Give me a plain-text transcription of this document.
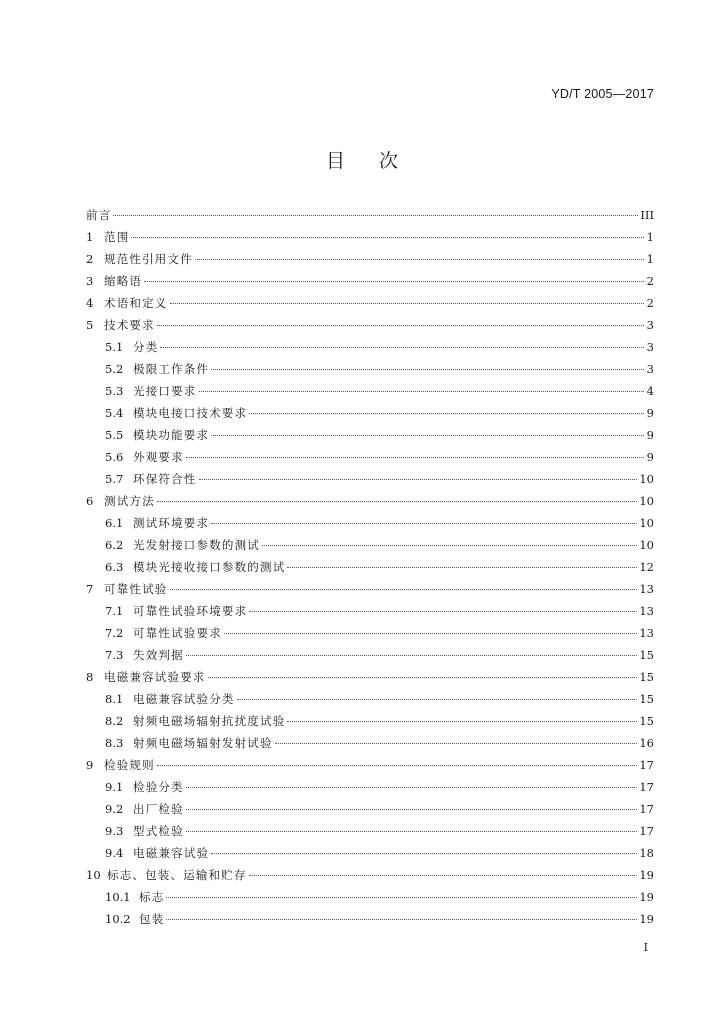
YD/T 2005—2017
目次
前言	III
1 范围	1
2 规范性引用文件	1
3 缩略语	2
4 术语和定义	2
5 技术要求	3
5.1 分类	3
5.2 极限工作条件	3
5.3 光接口要求	4
5.4 模块电接口技术要求	9
5.5 模块功能要求	9
5.6 外观要求	9
5.7 环保符合性	10
6 测试方法	10
6.1 测试环境要求	10
6.2 光发射接口参数的测试	10
6.3 模块光接收接口参数的测试	12
7 可靠性试验	13
7.1 可靠性试验环境要求	13
7.2 可靠性试验要求	13
7.3 失效判据	15
8 电磁兼容试验要求	15
8.1 电磁兼容试验分类	15
8.2 射频电磁场辐射抗扰度试验	15
8.3 射频电磁场辐射发射试验	16
9 检验规则	17
9.1 检验分类	17
9.2 出厂检验	17
9.3 型式检验	17
9.4 电磁兼容试验	18
10 标志、包装、运输和贮存	19
10.1 标志	19
10.2 包装	19
I
